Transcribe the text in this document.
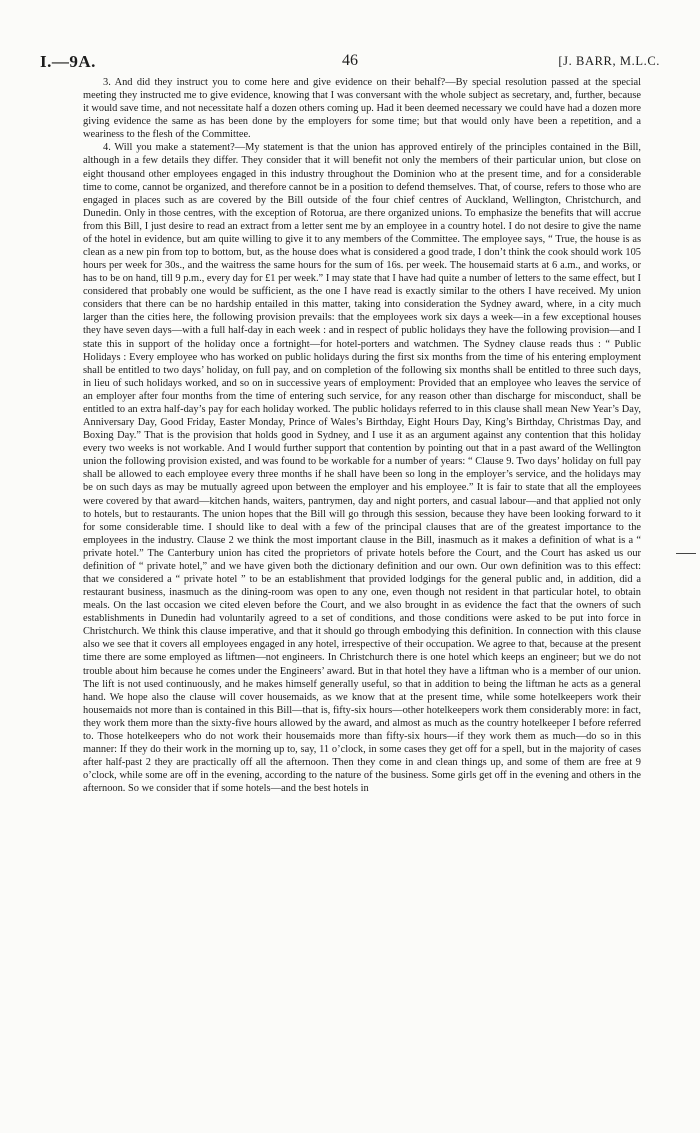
I.—9A.	46	[J. BARR, M.L.C.

3. And did they instruct you to come here and give evidence on their behalf?—By special resolution passed at the special meeting they instructed me to give evidence, knowing that I was conversant with the whole subject as secretary, and, further, because it would save time, and not necessitate half a dozen others coming up. Had it been deemed necessary we could have had a dozen more giving evidence the same as has been done by the employers for some time; but that would only have been a repetition, and a weariness to the flesh of the Committee.

4. Will you make a statement?—My statement is that the union has approved entirely of the principles contained in the Bill, although in a few details they differ. They consider that it will benefit not only the members of their particular union, but close on eight thousand other employees engaged in this industry throughout the Dominion who at the present time, and for a considerable time to come, cannot be organized, and therefore cannot be in a position to defend themselves. That, of course, refers to those who are engaged in places such as are covered by the Bill outside of the four chief centres of Auckland, Wellington, Christchurch, and Dunedin. Only in those centres, with the exception of Rotorua, are there organized unions. To emphasize the benefits that will accrue from this Bill, I just desire to read an extract from a letter sent me by an employee in a country hotel. I do not desire to give the name of the hotel in evidence, but am quite willing to give it to any members of the Committee. The employee says, “ True, the house is as clean as a new pin from top to bottom, but, as the house does what is considered a good trade, I don’t think the cook should work 105 hours per week for 30s., and the waitress the same hours for the sum of 16s. per week. The housemaid starts at 6 a.m., and works, or has to be on hand, till 9 p.m., every day for £1 per week.” I may state that I have had quite a number of letters to the same effect, but I considered that probably one would be sufficient, as the one I have read is exactly similar to the others I have received. My union considers that there can be no hardship entailed in this matter, taking into consideration the Sydney award, where, in a city much larger than the cities here, the following provision prevails: that the employees work six days a week—in a few exceptional houses they have seven days—with a full half-day in each week : and in respect of public holidays they have the following provision—and I state this in support of the holiday once a fortnight—for hotel-porters and watchmen. The Sydney clause reads thus : “ Public Holidays : Every employee who has worked on public holidays during the first six months from the time of his entering employment shall be entitled to two days’ holiday, on full pay, and on completion of the following six months shall be entitled to three such days, in lieu of such holidays worked, and so on in successive years of employment: Provided that an employee who leaves the service of an employer after four months from the time of entering such service, for any reason other than discharge for misconduct, shall be entitled to an extra half-day’s pay for each holiday worked. The public holidays referred to in this clause shall mean New Year’s Day, Anniversary Day, Good Friday, Easter Monday, Prince of Wales’s Birthday, Eight Hours Day, King’s Birthday, Christmas Day, and Boxing Day.” That is the provision that holds good in Sydney, and I use it as an argument against any contention that this holiday every two weeks is not workable. And I would further support that contention by pointing out that in a past award of the Wellington union the following provision existed, and was found to be workable for a number of years: “ Clause 9. Two days’ holiday on full pay shall be allowed to each employee every three months if he shall have been so long in the employer’s service, and the holidays may be on such days as may be mutually agreed upon between the employer and his employee.” It is fair to state that all the employees were covered by that award—kitchen hands, waiters, pantrymen, day and night porters, and casual labour—and that applied not only to hotels, but to restaurants. The union hopes that the Bill will go through this session, because they have been looking forward to it for some considerable time. I should like to deal with a few of the principal clauses that are of the greatest importance to the employees in the industry. Clause 2 we think the most important clause in the Bill, inasmuch as it makes a definition of what is a “ private hotel.” The Canterbury union has cited the proprietors of private hotels before the Court, and the Court has asked us our definition of “ private hotel,” and we have given both the dictionary definition and our own. Our own definition was to this effect: that we considered a “ private hotel ” to be an establishment that provided lodgings for the general public and, in addition, did a restaurant business, inasmuch as the dining-room was open to any one, even though not resident in that particular hotel, to obtain meals. On the last occasion we cited eleven before the Court, and we also brought in as evidence the fact that the owners of such establishments in Dunedin had voluntarily agreed to a set of conditions, and those conditions were asked to be put into force in Christchurch. We think this clause imperative, and that it should go through embodying this definition. In connection with this clause also we see that it covers all employees engaged in any hotel, irrespective of their occupation. We agree to that, because at the present time there are some employed as liftmen—not engineers. In Christchurch there is one hotel which keeps an engineer; but we do not trouble about him because he comes under the Engineers’ award. But in that hotel they have a liftman who is a member of our union. The lift is not used continuously, and he makes himself generally useful, so that in addition to being the liftman he acts as a general hand. We hope also the clause will cover housemaids, as we know that at the present time, while some hotelkeepers work their housemaids not more than is contained in this Bill—that is, fifty-six hours—other hotelkeepers work them considerably more: in fact, they work them more than the sixty-five hours allowed by the award, and almost as much as the country hotelkeeper I before referred to. Those hotelkeepers who do not work their housemaids more than fifty-six hours—if they work them as much—do so in this manner: If they do their work in the morning up to, say, 11 o’clock, in some cases they get off for a spell, but in the majority of cases after half-past 2 they are practically off all the afternoon. Then they come in and clean things up, and some of them are free at 9 o’clock, while some are off in the evening, according to the nature of the business. Some girls get off in the evening and others in the afternoon. So we consider that if some hotels—and the best hotels in
